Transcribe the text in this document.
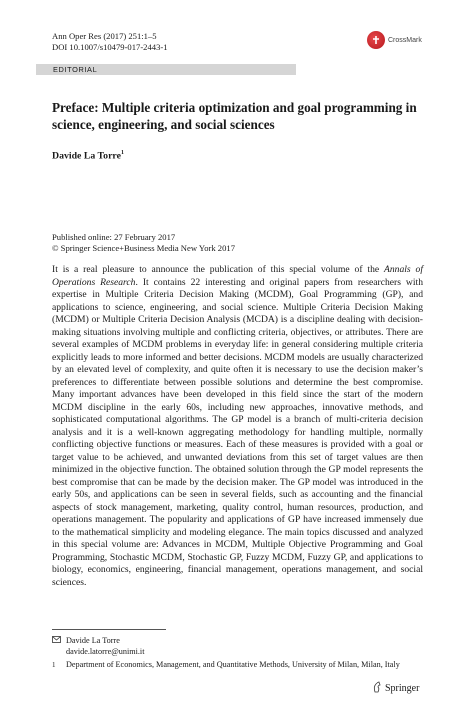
Ann Oper Res (2017) 251:1–5
DOI 10.1007/s10479-017-2443-1
CrossMark
EDITORIAL
Preface: Multiple criteria optimization and goal programming in science, engineering, and social sciences
Davide La Torre$^1$
Published online: 27 February 2017
© Springer Science+Business Media New York 2017

It is a real pleasure to announce the publication of this special volume of the Annals of Operations Research. It contains 22 interesting and original papers from researchers with expertise in Multiple Criteria Decision Making (MCDM), Goal Programming (GP), and applications to science, engineering, and social science. Multiple Criteria Decision Making (MCDM) or Multiple Criteria Decision Analysis (MCDA) is a discipline dealing with decision-making situations involving multiple and conflicting criteria, objectives, or attributes. There are several examples of MCDM problems in everyday life: in general considering multiple criteria explicitly leads to more informed and better decisions. MCDM models are usually characterized by an elevated level of complexity, and quite often it is necessary to use the decision maker’s preferences to differentiate between possible solutions and determine the best compromise. Many important advances have been developed in this field since the start of the modern MCDM discipline in the early 60s, including new approaches, innovative methods, and sophisticated computational algorithms. The GP model is a branch of multi-criteria decision analysis and it is a well-known aggregating methodology for handling multiple, normally conflicting objective functions or measures. Each of these measures is provided with a goal or target value to be achieved, and unwanted deviations from this set of target values are then minimized in the objective function. The obtained solution through the GP model represents the best compromise that can be made by the decision maker. The GP model was introduced in the early 50s, and applications can be seen in several fields, such as accounting and the financial aspects of stock management, marketing, quality control, human resources, production, and operations management. The popularity and applications of GP have increased immensely due to the mathematical simplicity and modeling elegance. The main topics discussed and analyzed in this special volume are: Advances in MCDM, Multiple Objective Programming and Goal Programming, Stochastic MCDM, Stochastic GP, Fuzzy MCDM, Fuzzy GP, and applications to biology, economics, engineering, financial management, operations management, and social sciences.

Davide La Torre
davide.latorre@unimi.it
1 Department of Economics, Management, and Quantitative Methods, University of Milan, Milan, Italy
Springer
